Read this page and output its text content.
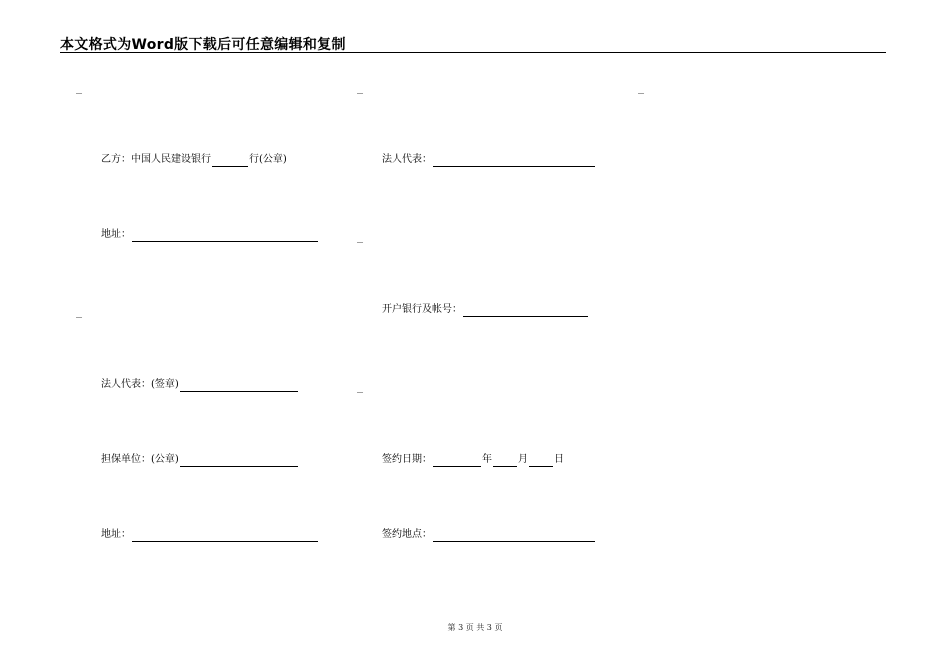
本文格式为Word版下载后可任意编辑和复制
_	_	_
_
_
_
乙方：中国人民建设银行	行(公章)
地址：
法人代表：(签章)
担保单位：(公章)
地址：
法人代表：
开户银行及帐号：
签约日期：	年	月	日
签约地点：
第 3 页 共 3 页
